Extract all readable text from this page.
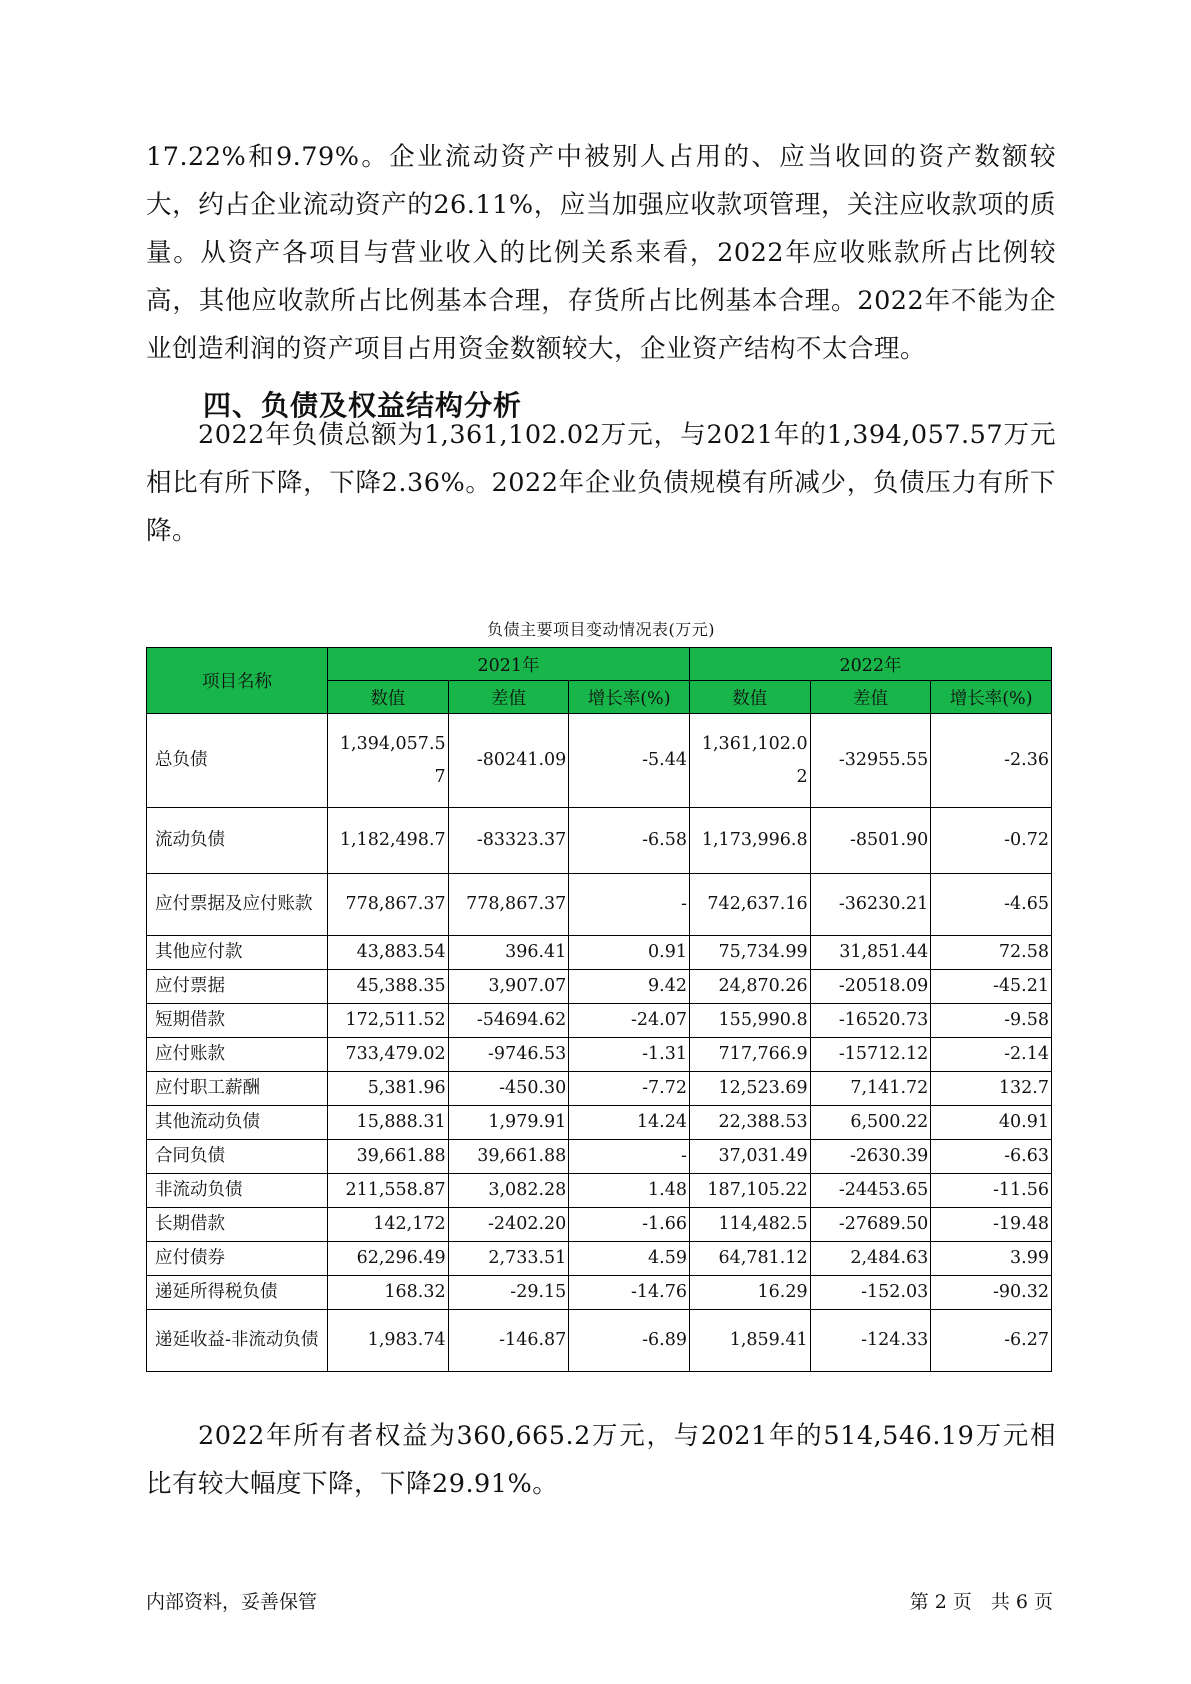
17.22%和9.79%。企业流动资产中被别人占用的、应当收回的资产数额较大，约占企业流动资产的26.11%，应当加强应收款项管理，关注应收款项的质量。从资产各项目与营业收入的比例关系来看，2022年应收账款所占比例较高，其他应收款所占比例基本合理，存货所占比例基本合理。2022年不能为企业创造利润的资产项目占用资金数额较大，企业资产结构不太合理。
四、负债及权益结构分析
2022年负债总额为1,361,102.02万元，与2021年的1,394,057.57万元相比有所下降，下降2.36%。2022年企业负债规模有所减少，负债压力有所下降。
负债主要项目变动情况表(万元)
项目名称	2021年			2022年		
	数值	差值	增长率(%)	数值	差值	增长率(%)
总负债	1,394,057.57	-80241.09	-5.44	1,361,102.02	-32955.55	-2.36
流动负债	1,182,498.7	-83323.37	-6.58	1,173,996.8	-8501.90	-0.72
应付票据及应付账款	778,867.37	778,867.37	-	742,637.16	-36230.21	-4.65
其他应付款	43,883.54	396.41	0.91	75,734.99	31,851.44	72.58
应付票据	45,388.35	3,907.07	9.42	24,870.26	-20518.09	-45.21
短期借款	172,511.52	-54694.62	-24.07	155,990.8	-16520.73	-9.58
应付账款	733,479.02	-9746.53	-1.31	717,766.9	-15712.12	-2.14
应付职工薪酬	5,381.96	-450.30	-7.72	12,523.69	7,141.72	132.7
其他流动负债	15,888.31	1,979.91	14.24	22,388.53	6,500.22	40.91
合同负债	39,661.88	39,661.88	-	37,031.49	-2630.39	-6.63
非流动负债	211,558.87	3,082.28	1.48	187,105.22	-24453.65	-11.56
长期借款	142,172	-2402.20	-1.66	114,482.5	-27689.50	-19.48
应付债券	62,296.49	2,733.51	4.59	64,781.12	2,484.63	3.99
递延所得税负债	168.32	-29.15	-14.76	16.29	-152.03	-90.32
递延收益-非流动负债	1,983.74	-146.87	-6.89	1,859.41	-124.33	-6.27
2022年所有者权益为360,665.2万元，与2021年的514,546.19万元相比有较大幅度下降，下降29.91%。
内部资料，妥善保管	第 2 页　共 6 页
